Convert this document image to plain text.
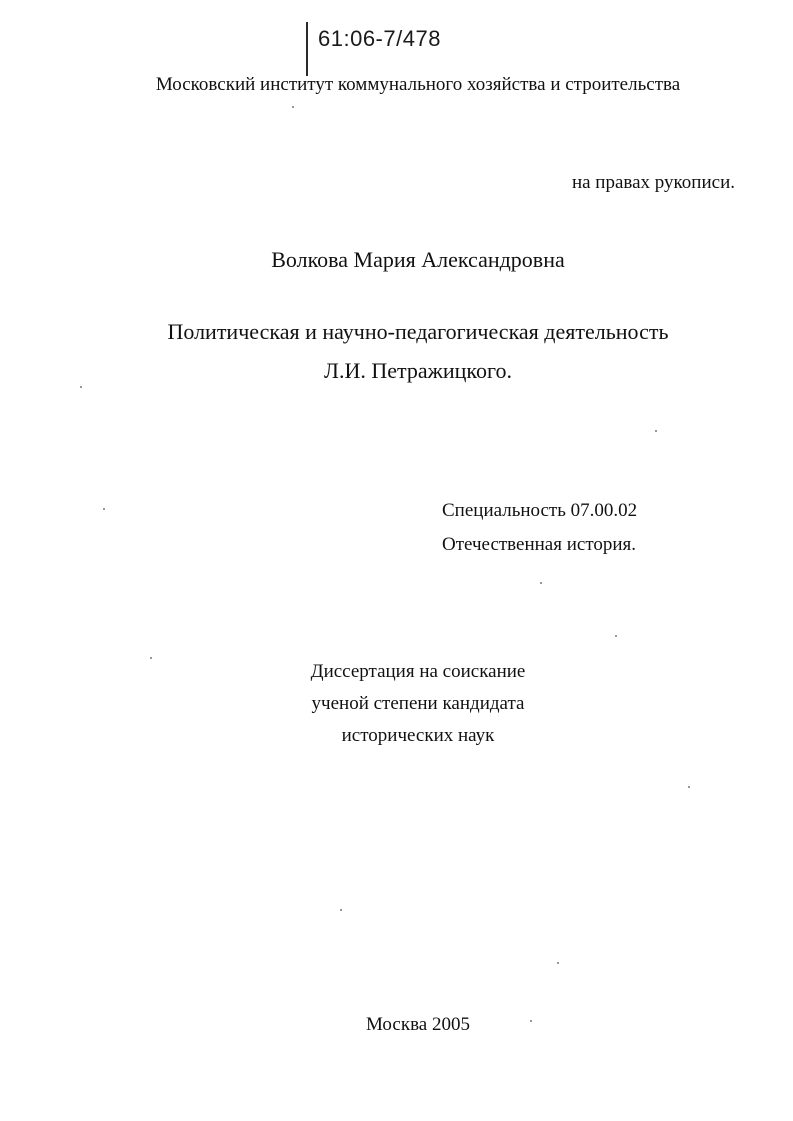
61:06-7/478
Московский институт коммунального хозяйства и строительства
на правах рукописи.
Волкова Мария Александровна
Политическая и научно-педагогическая деятельность
Л.И. Петражицкого.
Специальность 07.00.02
Отечественная история.
Диссертация на соискание
ученой степени кандидата
исторических наук
Москва 2005
